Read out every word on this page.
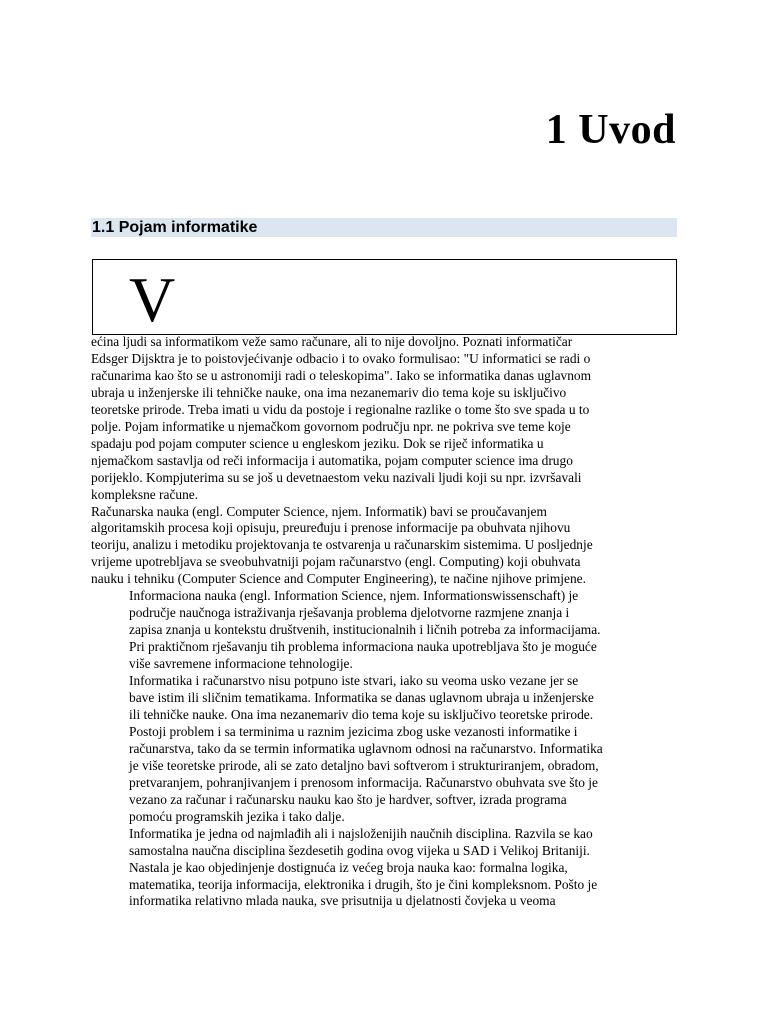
1 Uvod
1.1 Pojam informatike
V

ećina ljudi sa informatikom veže samo računare, ali to nije dovoljno. Poznati informatičar
Edsger Dijsktra je to poistovjećivanje odbacio i to ovako formulisao: "U informatici se radi o
računarima kao što se u astronomiji radi o teleskopima". Iako se informatika danas uglavnom
ubraja u inženjerske ili tehničke nauke, ona ima nezanemariv dio tema koje su isključivo
teoretske prirode. Treba imati u vidu da postoje i regionalne razlike o tome što sve spada u to
polje. Pojam informatike u njemačkom govornom području npr. ne pokriva sve teme koje
spadaju pod pojam computer science u engleskom jeziku. Dok se riječ informatika u
njemačkom sastavlja od reči informacija i automatika, pojam computer science ima drugo
porijeklo. Kompjuterima su se još u devetnaestom veku nazivali ljudi koji su npr. izvršavali
kompleksne račune.

Računarska nauka (engl. Computer Science, njem. Informatik) bavi se proučavanjem
algoritamskih procesa koji opisuju, preuređuju i prenose informacije pa obuhvata njihovu
teoriju, analizu i metodiku projektovanja te ostvarenja u računarskim sistemima. U posljednje
vrijeme upotrebljava se sveobuhvatniji pojam računarstvo (engl. Computing) koji obuhvata
nauku i tehniku (Computer Science and Computer Engineering), te načine njihove primjene.

Informaciona nauka (engl. Information Science, njem. Informationswissenschaft) je
područje naučnoga istraživanja rješavanja problema djelotvorne razmjene znanja i
zapisa znanja u kontekstu društvenih, institucionalnih i ličnih potreba za informacijama.
Pri praktičnom rješavanju tih problema informaciona nauka upotrebljava što je moguće
više savremene informacione tehnologije.

Informatika i računarstvo nisu potpuno iste stvari, iako su veoma usko vezane jer se
bave istim ili sličnim tematikama. Informatika se danas uglavnom ubraja u inženjerske
ili tehničke nauke. Ona ima nezanemariv dio tema koje su isključivo teoretske prirode.
Postoji problem i sa terminima u raznim jezicima zbog uske vezanosti informatike i
računarstva, tako da se termin informatika uglavnom odnosi na računarstvo. Informatika
je više teoretske prirode, ali se zato detaljno bavi softverom i strukturiranjem, obradom,
pretvaranjem, pohranjivanjem i prenosom informacija. Računarstvo obuhvata sve što je
vezano za računar i računarsku nauku kao što je hardver, softver, izrada programa
pomoću programskih jezika i tako dalje.

Informatika je jedna od najmlađih ali i najsloženijih naučnih disciplina. Razvila se kao
samostalna naučna disciplina šezdesetih godina ovog vijeka u SAD i Velikoj Britaniji.
Nastala je kao objedinjenje dostignuća iz većeg broja nauka kao: formalna logika,
matematika, teorija informacija, elektronika i drugih, što je čini kompleksnom. Pošto je
informatika relativno mlada nauka, sve prisutnija u djelatnosti čovjeka u veoma
